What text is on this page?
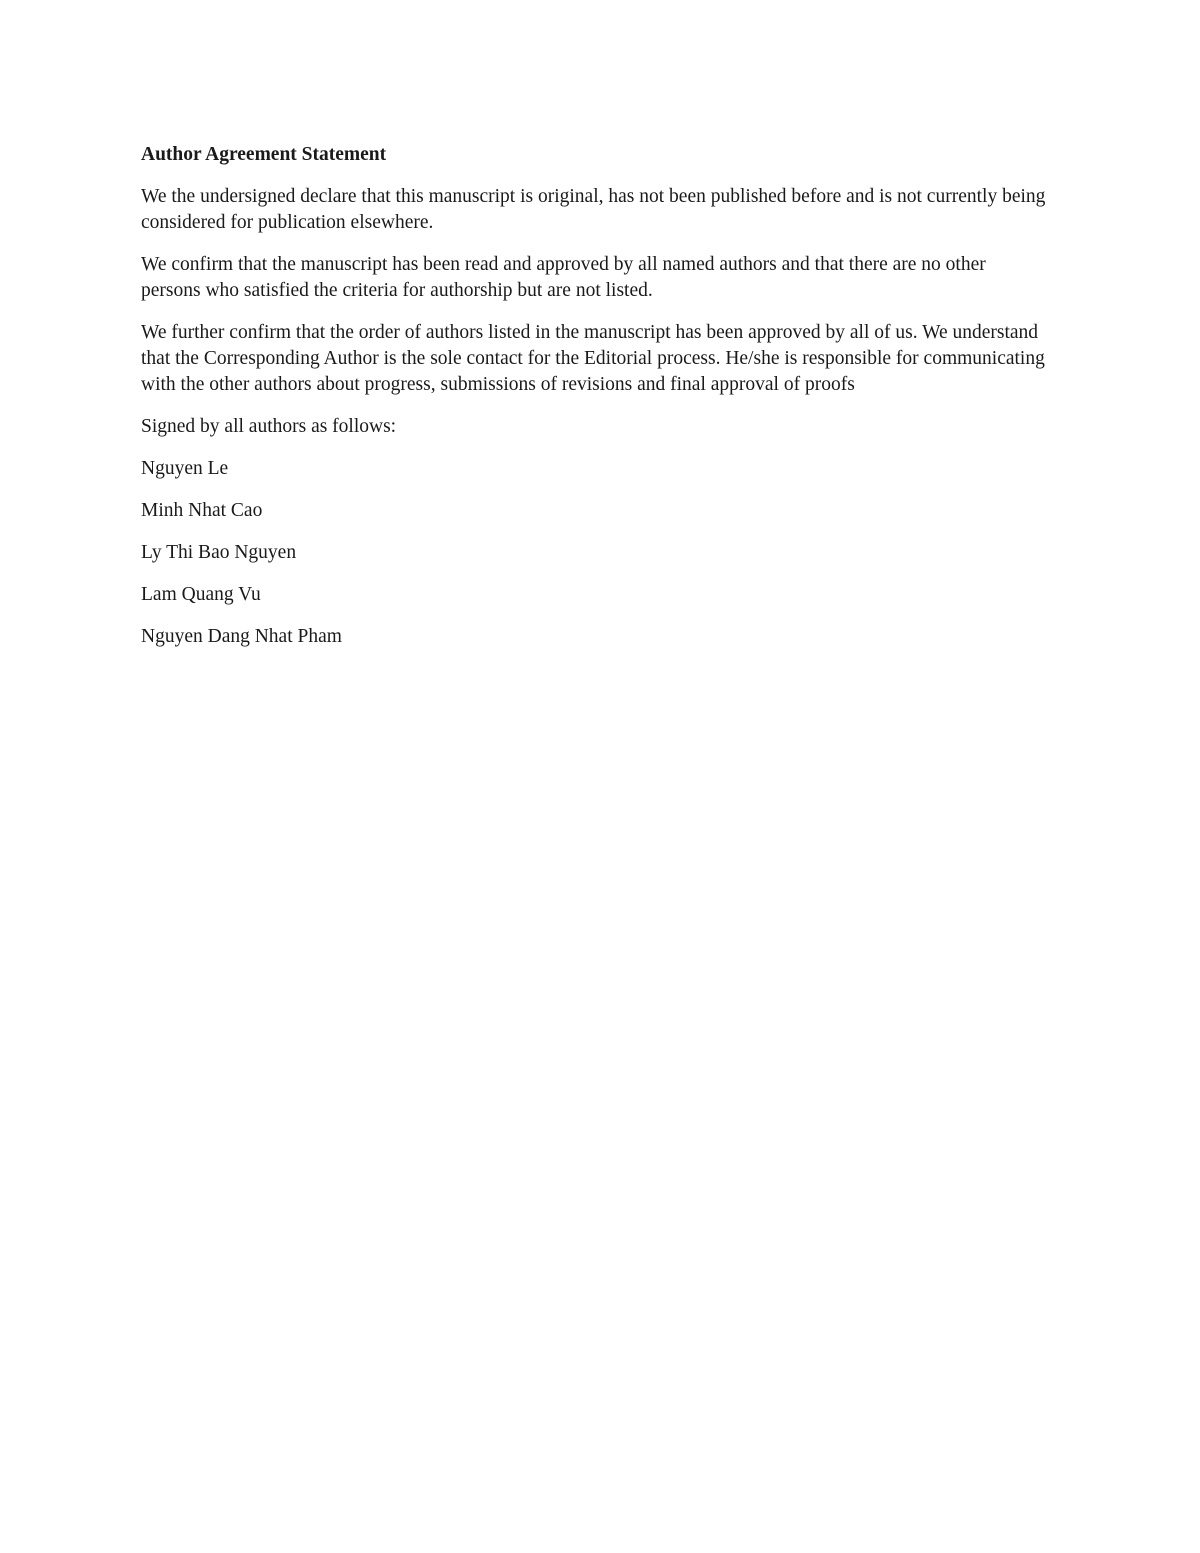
Author Agreement Statement

We the undersigned declare that this manuscript is original, has not been published before and is not currently being considered for publication elsewhere.

We confirm that the manuscript has been read and approved by all named authors and that there are no other persons who satisfied the criteria for authorship but are not listed.

We further confirm that the order of authors listed in the manuscript has been approved by all of us. We understand that the Corresponding Author is the sole contact for the Editorial process. He/she is responsible for communicating with the other authors about progress, submissions of revisions and final approval of proofs

Signed by all authors as follows:

Nguyen Le
Minh Nhat Cao
Ly Thi Bao Nguyen
Lam Quang Vu
Nguyen Dang Nhat Pham
